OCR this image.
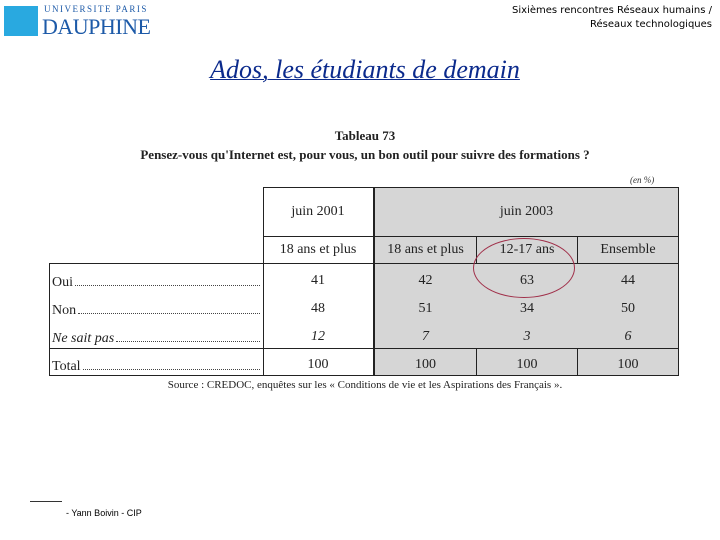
UNIVERSITE PARIS
DAUPHINE
Sixièmes rencontres Réseaux humains /
Réseaux technologiques
Ados, les étudiants de demain
Tableau 73
Pensez-vous qu'Internet est, pour vous, un bon outil pour suivre des formations ?
(en %)
juin 2001	juin 2003
18 ans et plus	18 ans et plus	12-17 ans	Ensemble
Oui	41	42	63	44
Non	48	51	34	50
Ne sait pas	12	7	3	6
Total	100	100	100	100
Source : CREDOC, enquêtes sur les « Conditions de vie et les Aspirations des Français ».
- Yann Boivin - CIP
